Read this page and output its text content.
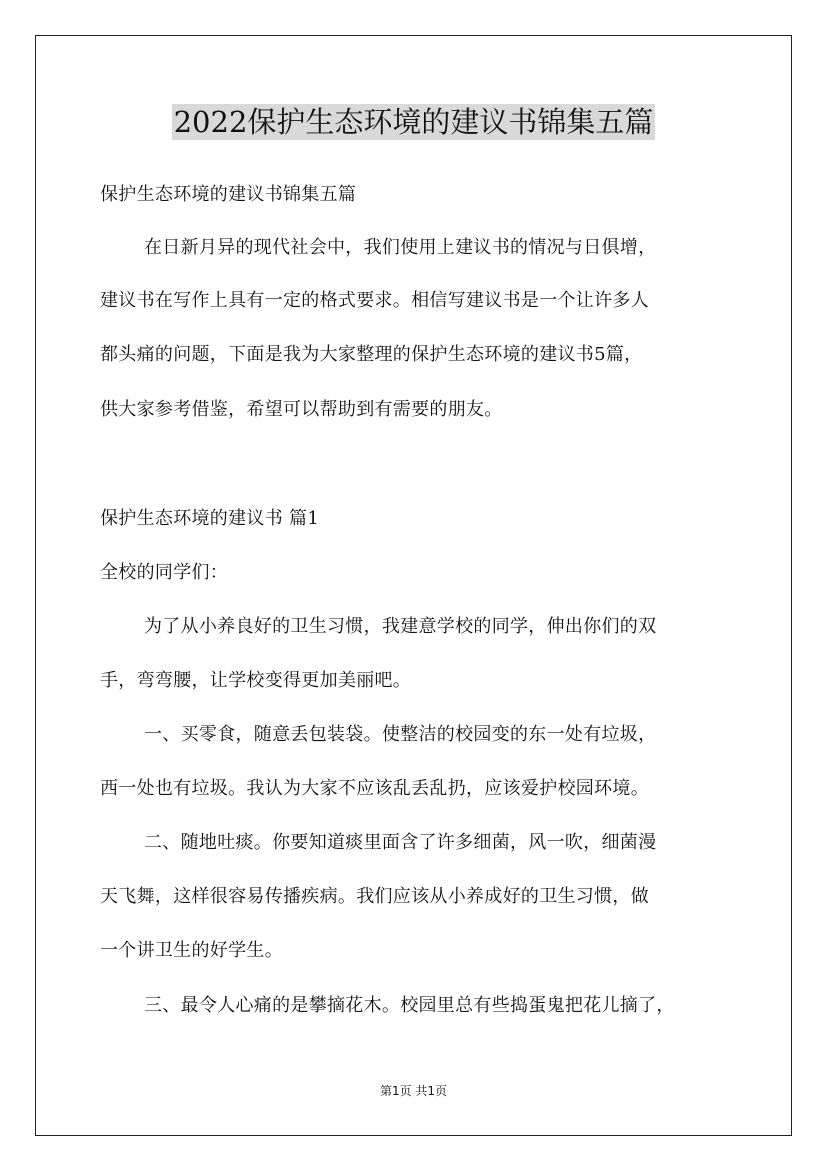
2022保护生态环境的建议书锦集五篇
保护生态环境的建议书锦集五篇
在日新月异的现代社会中，我们使用上建议书的情况与日俱增，
建议书在写作上具有一定的格式要求。相信写建议书是一个让许多人
都头痛的问题，下面是我为大家整理的保护生态环境的建议书5篇，
供大家参考借鉴，希望可以帮助到有需要的朋友。
保护生态环境的建议书 篇1
全校的同学们：
为了从小养良好的卫生习惯，我建意学校的同学，伸出你们的双
手，弯弯腰，让学校变得更加美丽吧。
一、买零食，随意丢包装袋。使整洁的校园变的东一处有垃圾，
西一处也有垃圾。我认为大家不应该乱丢乱扔，应该爱护校园环境。
二、随地吐痰。你要知道痰里面含了许多细菌，风一吹，细菌漫
天飞舞，这样很容易传播疾病。我们应该从小养成好的卫生习惯，做
一个讲卫生的好学生。
三、最令人心痛的是攀摘花木。校园里总有些捣蛋鬼把花儿摘了，
第1页 共1页
